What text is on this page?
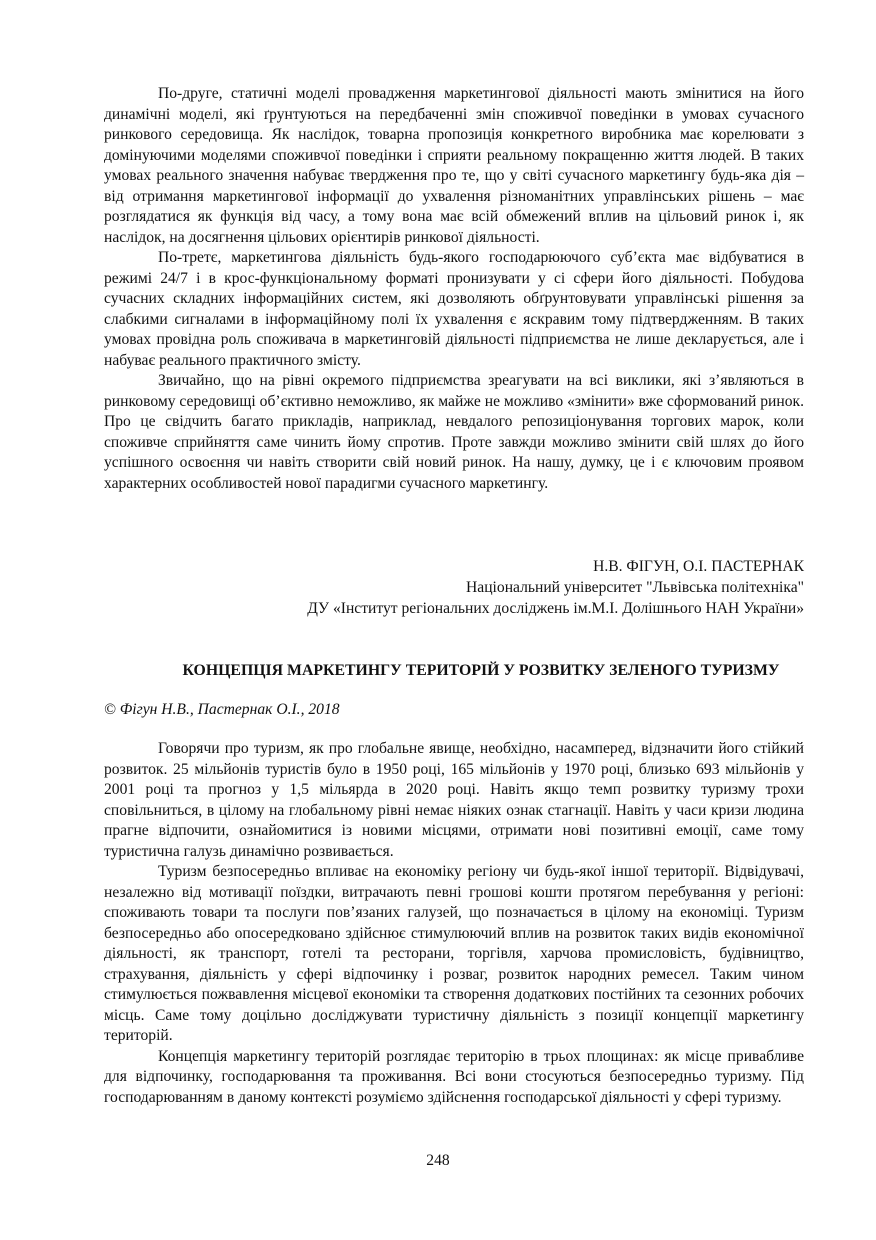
По-друге, статичні моделі провадження маркетингової діяльності мають змінитися на його динамічні моделі, які ґрунтуються на передбаченні змін споживчої поведінки в умовах сучасного ринкового середовища. Як наслідок, товарна пропозиція конкретного виробника має корелювати з домінуючими моделями споживчої поведінки і сприяти реальному покращенню життя людей. В таких умовах реального значення набуває твердження про те, що у світі сучасного маркетингу будь-яка дія – від отримання маркетингової інформації до ухвалення різноманітних управлінських рішень – має розглядатися як функція від часу, а тому вона має всій обмежений вплив на цільовий ринок і, як наслідок, на досягнення цільових орієнтирів ринкової діяльності.

По-третє, маркетингова діяльність будь-якого господарюючого суб’єкта має відбуватися в режимі 24/7 і в крос-функціональному форматі пронизувати у сі сфери його діяльності. Побудова сучасних складних інформаційних систем, які дозволяють обґрунтовувати управлінські рішення за слабкими сигналами в інформаційному полі їх ухвалення є яскравим тому підтвердженням. В таких умовах провідна роль споживача в маркетинговій діяльності підприємства не лише декларується, але і набуває реального практичного змісту.

Звичайно, що на рівні окремого підприємства зреагувати на всі виклики, які з’являються в ринковому середовищі об’єктивно неможливо, як майже не можливо «змінити» вже сформований ринок. Про це свідчить багато прикладів, наприклад, невдалого репозиціонування торгових марок, коли споживче сприйняття саме чинить йому спротив. Проте завжди можливо змінити свій шлях до його успішного освоєння чи навіть створити свій новий ринок. На нашу, думку, це і є ключовим проявом характерних особливостей нової парадигми сучасного маркетингу.

Н.В. ФІГУН, О.І. ПАСТЕРНАК

Національний університет "Львівська політехніка"

ДУ «Інститут регіональних досліджень ім.М.І. Долішнього НАН України»

КОНЦЕПЦІЯ МАРКЕТИНГУ ТЕРИТОРІЙ У РОЗВИТКУ ЗЕЛЕНОГО ТУРИЗМУ

© Фігун Н.В., Пастернак О.І., 2018

Говорячи про туризм, як про глобальне явище, необхідно, насамперед, відзначити його стійкий розвиток. 25 мільйонів туристів було в 1950 році, 165 мільйонів у 1970 році, близько 693 мільйонів у 2001 році та прогноз у 1,5 мільярда в 2020 році. Навіть якщо темп розвитку туризму трохи сповільниться, в цілому на глобальному рівні немає ніяких ознак стагнації. Навіть у часи кризи людина прагне відпочити, ознайомитися із новими місцями, отримати нові позитивні емоції, саме тому туристична галузь динамічно розвивається.

Туризм безпосередньо впливає на економіку регіону чи будь-якої іншої території. Відвідувачі, незалежно від мотивації поїздки, витрачають певні грошові кошти протягом перебування у регіоні: споживають товари та послуги пов’язаних галузей, що позначається в цілому на економіці. Туризм безпосередньо або опосередковано здійснює стимулюючий вплив на розвиток таких видів економічної діяльності, як транспорт, готелі та ресторани, торгівля, харчова промисловість, будівництво, страхування, діяльність у сфері відпочинку і розваг, розвиток народних ремесел. Таким чином стимулюється пожвавлення місцевої економіки та створення додаткових постійних та сезонних робочих місць. Саме тому доцільно досліджувати туристичну діяльність з позиції концепції маркетингу територій.

Концепція маркетингу територій розглядає територію в трьох площинах: як місце привабливе для відпочинку, господарювання та проживання. Всі вони стосуються безпосередньо туризму. Під господарюванням в даному контексті розуміємо здійснення господарської діяльності у сфері туризму.

248
